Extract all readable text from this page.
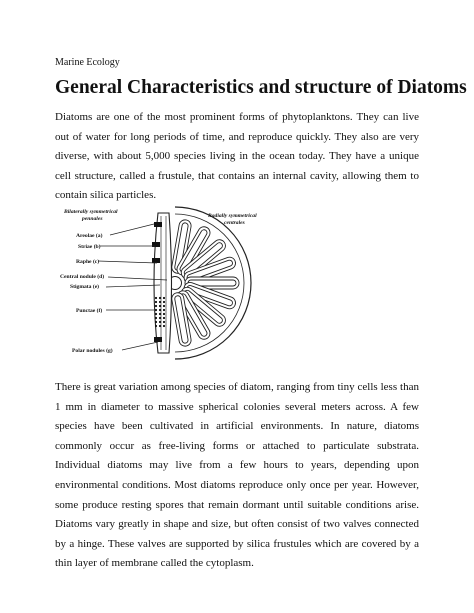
Marine Ecology
General Characteristics and structure of Diatoms

Diatoms are one of the most prominent forms of phytoplanktons. They can live out of water for long periods of time, and reproduce quickly. They also are very diverse, with about 5,000 species living in the ocean today. They have a unique cell structure, called a frustule, that contains an internal cavity, allowing them to contain silica particles.

Bilaterally symmetrical
pennales	Radially symmetrical
centrales
Areolae (a)
Striae (b)
Raphe (c)
Central nodule (d)
Stigmata (e)
Punctae (f)
Polar nodules (g)

There is great variation among species of diatom, ranging from tiny cells less than 1 mm in diameter to massive spherical colonies several meters across. A few species have been cultivated in artificial environments. In nature, diatoms commonly occur as free-living forms or attached to particulate substrata. Individual diatoms may live from a few hours to years, depending upon environmental conditions. Most diatoms reproduce only once per year. However, some produce resting spores that remain dormant until suitable conditions arise. Diatoms vary greatly in shape and size, but often consist of two valves connected by a hinge. These valves are supported by silica frustules which are covered by a thin layer of membrane called the cytoplasm.
